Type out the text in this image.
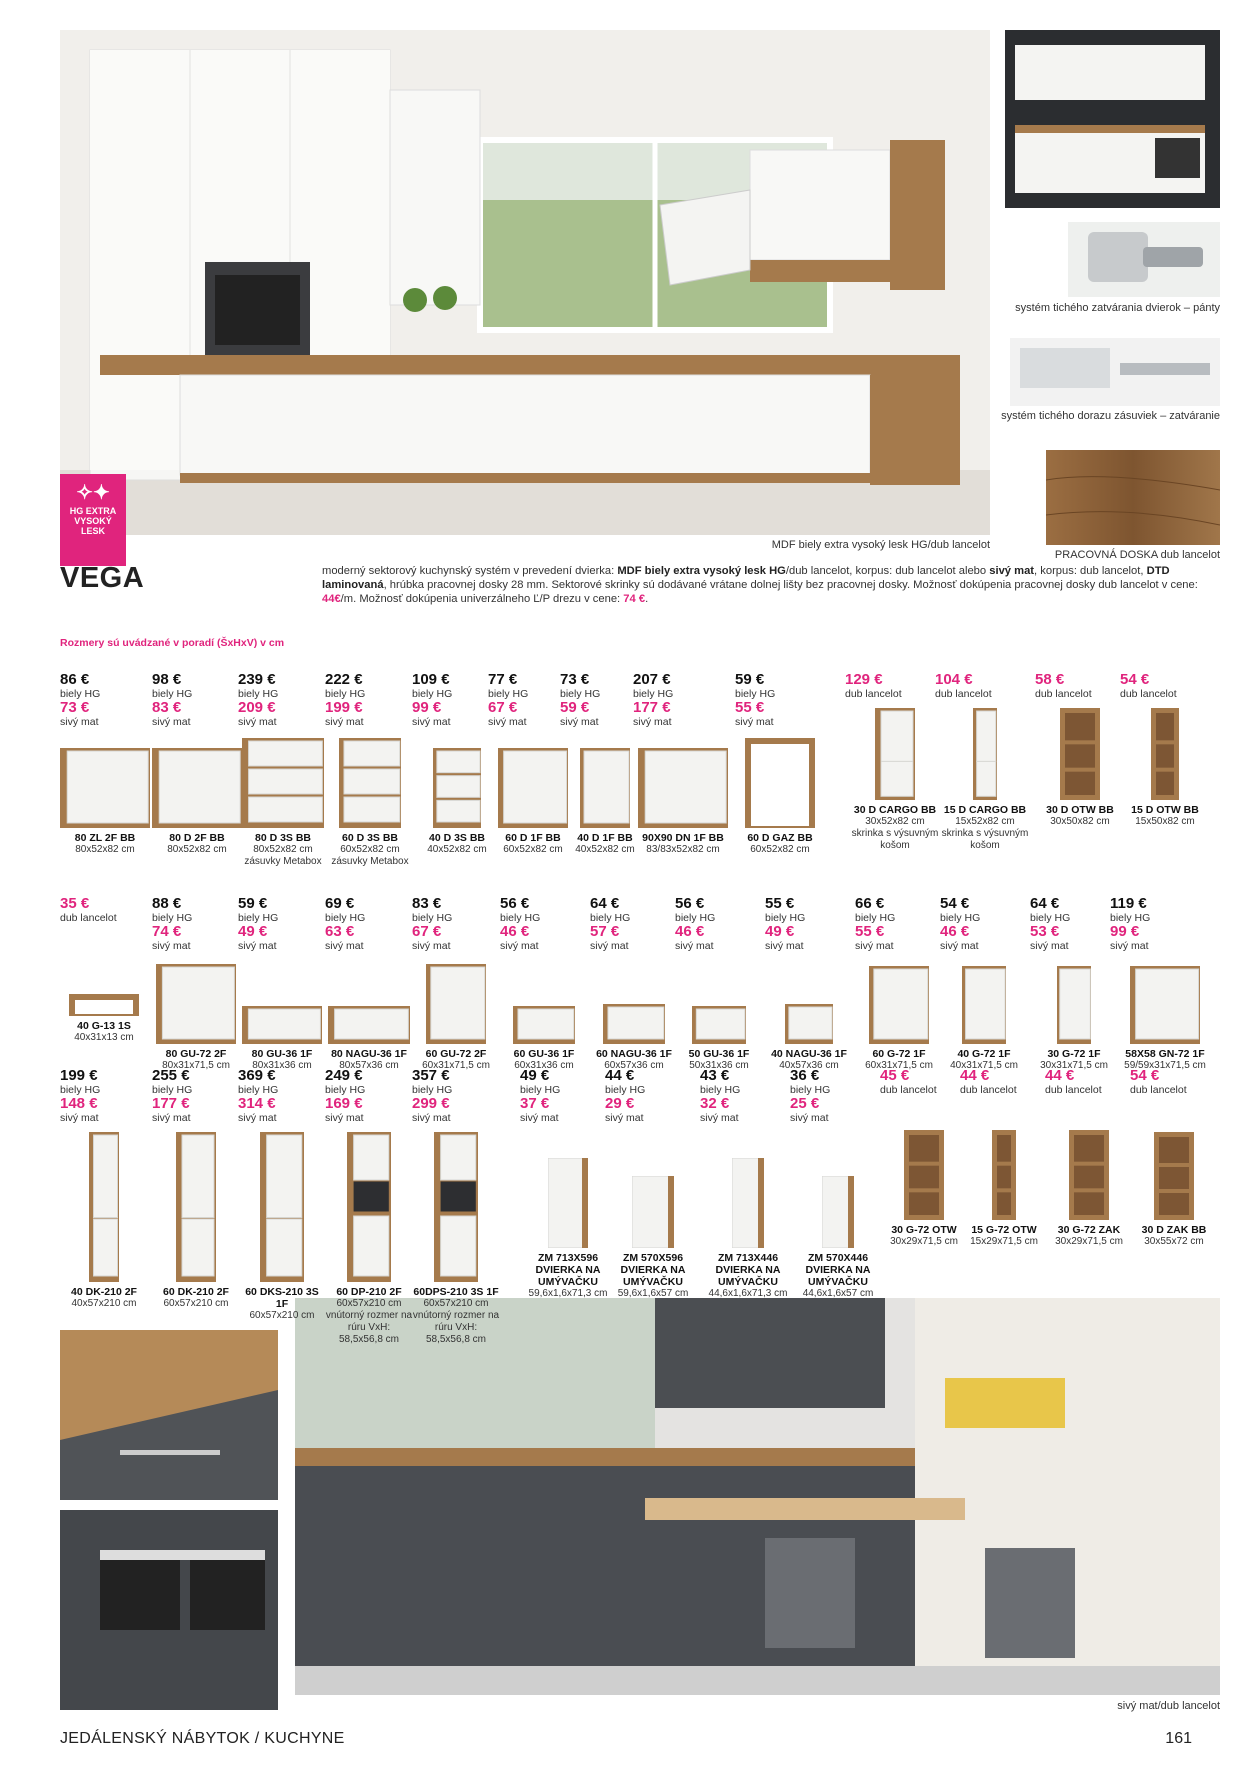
✧✦
HG EXTRA
VYSOKÝ
LESK
MDF biely extra vysoký lesk HG/dub lancelot
systém tichého zatvárania dvierok – pánty
systém tichého dorazu zásuviek – zatváranie
PRACOVNÁ DOSKA dub lancelot
VEGA	moderný sektorový kuchynský systém v prevedení dvierka: MDF biely extra vysoký lesk HG/dub lancelot, korpus: dub lancelot alebo sivý mat, korpus: dub lancelot, DTD laminovaná, hrúbka pracovnej dosky 28 mm. Sektorové skrinky sú dodávané vrátane dolnej lišty bez pracovnej dosky. Možnosť dokúpenia pracovnej dosky dub lancelot v cene: 44€/m. Možnosť dokúpenia univerzálneho Ľ/P drezu v cene: 74 €.
Rozmery sú uvádzané v poradí (ŠxHxV) v cm
sivý mat/dub lancelot
JEDÁLENSKÝ NÁBYTOK / KUCHYNE	161
86 €
biely HG
73 €
sivý mat
80 ZL 2F BB
80x52x82 cm
98 €
biely HG
83 €
sivý mat
80 D 2F BB
80x52x82 cm
239 €
biely HG
209 €
sivý mat
80 D 3S BB
80x52x82 cm
zásuvky Metabox
222 €
biely HG
199 €
sivý mat
60 D 3S BB
60x52x82 cm
zásuvky Metabox
109 €
biely HG
99 €
sivý mat
40 D 3S BB
40x52x82 cm
77 €
biely HG
67 €
sivý mat
60 D 1F BB
60x52x82 cm
73 €
biely HG
59 €
sivý mat
40 D 1F BB
40x52x82 cm
207 €
biely HG
177 €
sivý mat
90X90 DN 1F BB
83/83x52x82 cm
59 €
biely HG
55 €
sivý mat
60 D GAZ BB
60x52x82 cm
129 €
dub lancelot
30 D CARGO BB
30x52x82 cm
skrinka s výsuvným košom
104 €
dub lancelot
15 D CARGO BB
15x52x82 cm
skrinka s výsuvným košom
58 €
dub lancelot
30 D OTW BB
30x50x82 cm
54 €
dub lancelot
15 D OTW BB
15x50x82 cm
35 €
dub lancelot
40 G-13 1S
40x31x13 cm
88 €
biely HG
74 €
sivý mat
80 GU-72 2F
80x31x71,5 cm
59 €
biely HG
49 €
sivý mat
80 GU-36 1F
80x31x36 cm
69 €
biely HG
63 €
sivý mat
80 NAGU-36 1F
80x57x36 cm
83 €
biely HG
67 €
sivý mat
60 GU-72 2F
60x31x71,5 cm
56 €
biely HG
46 €
sivý mat
60 GU-36 1F
60x31x36 cm
64 €
biely HG
57 €
sivý mat
60 NAGU-36 1F
60x57x36 cm
56 €
biely HG
46 €
sivý mat
50 GU-36 1F
50x31x36 cm
55 €
biely HG
49 €
sivý mat
40 NAGU-36 1F
40x57x36 cm
66 €
biely HG
55 €
sivý mat
60 G-72 1F
60x31x71,5 cm
54 €
biely HG
46 €
sivý mat
40 G-72 1F
40x31x71,5 cm
64 €
biely HG
53 €
sivý mat
30 G-72 1F
30x31x71,5 cm
119 €
biely HG
99 €
sivý mat
58X58 GN-72 1F
59/59x31x71,5 cm
199 €
biely HG
148 €
sivý mat
40 DK-210 2F
40x57x210 cm
255 €
biely HG
177 €
sivý mat
60 DK-210 2F
60x57x210 cm
369 €
biely HG
314 €
sivý mat
60 DKS-210 3S 1F
60x57x210 cm
249 €
biely HG
169 €
sivý mat
60 DP-210 2F
60x57x210 cm
vnútorný rozmer na rúru VxH: 58,5x56,8 cm
357 €
biely HG
299 €
sivý mat
60DPS-210 3S 1F
60x57x210 cm
vnútorný rozmer na rúru VxH: 58,5x56,8 cm
49 €
biely HG
37 €
sivý mat
ZM 713X596 DVIERKA NA UMÝVAČKU
59,6x1,6x71,3 cm
44 €
biely HG
29 €
sivý mat
ZM 570X596 DVIERKA NA UMÝVAČKU
59,6x1,6x57 cm
43 €
biely HG
32 €
sivý mat
ZM 713X446 DVIERKA NA UMÝVAČKU
44,6x1,6x71,3 cm
36 €
biely HG
25 €
sivý mat
ZM 570X446 DVIERKA NA UMÝVAČKU
44,6x1,6x57 cm
45 €
dub lancelot
30 G-72 OTW
30x29x71,5 cm
44 €
dub lancelot
15 G-72 OTW
15x29x71,5 cm
44 €
dub lancelot
30 G-72 ZAK
30x29x71,5 cm
54 €
dub lancelot
30 D ZAK BB
30x55x72 cm
